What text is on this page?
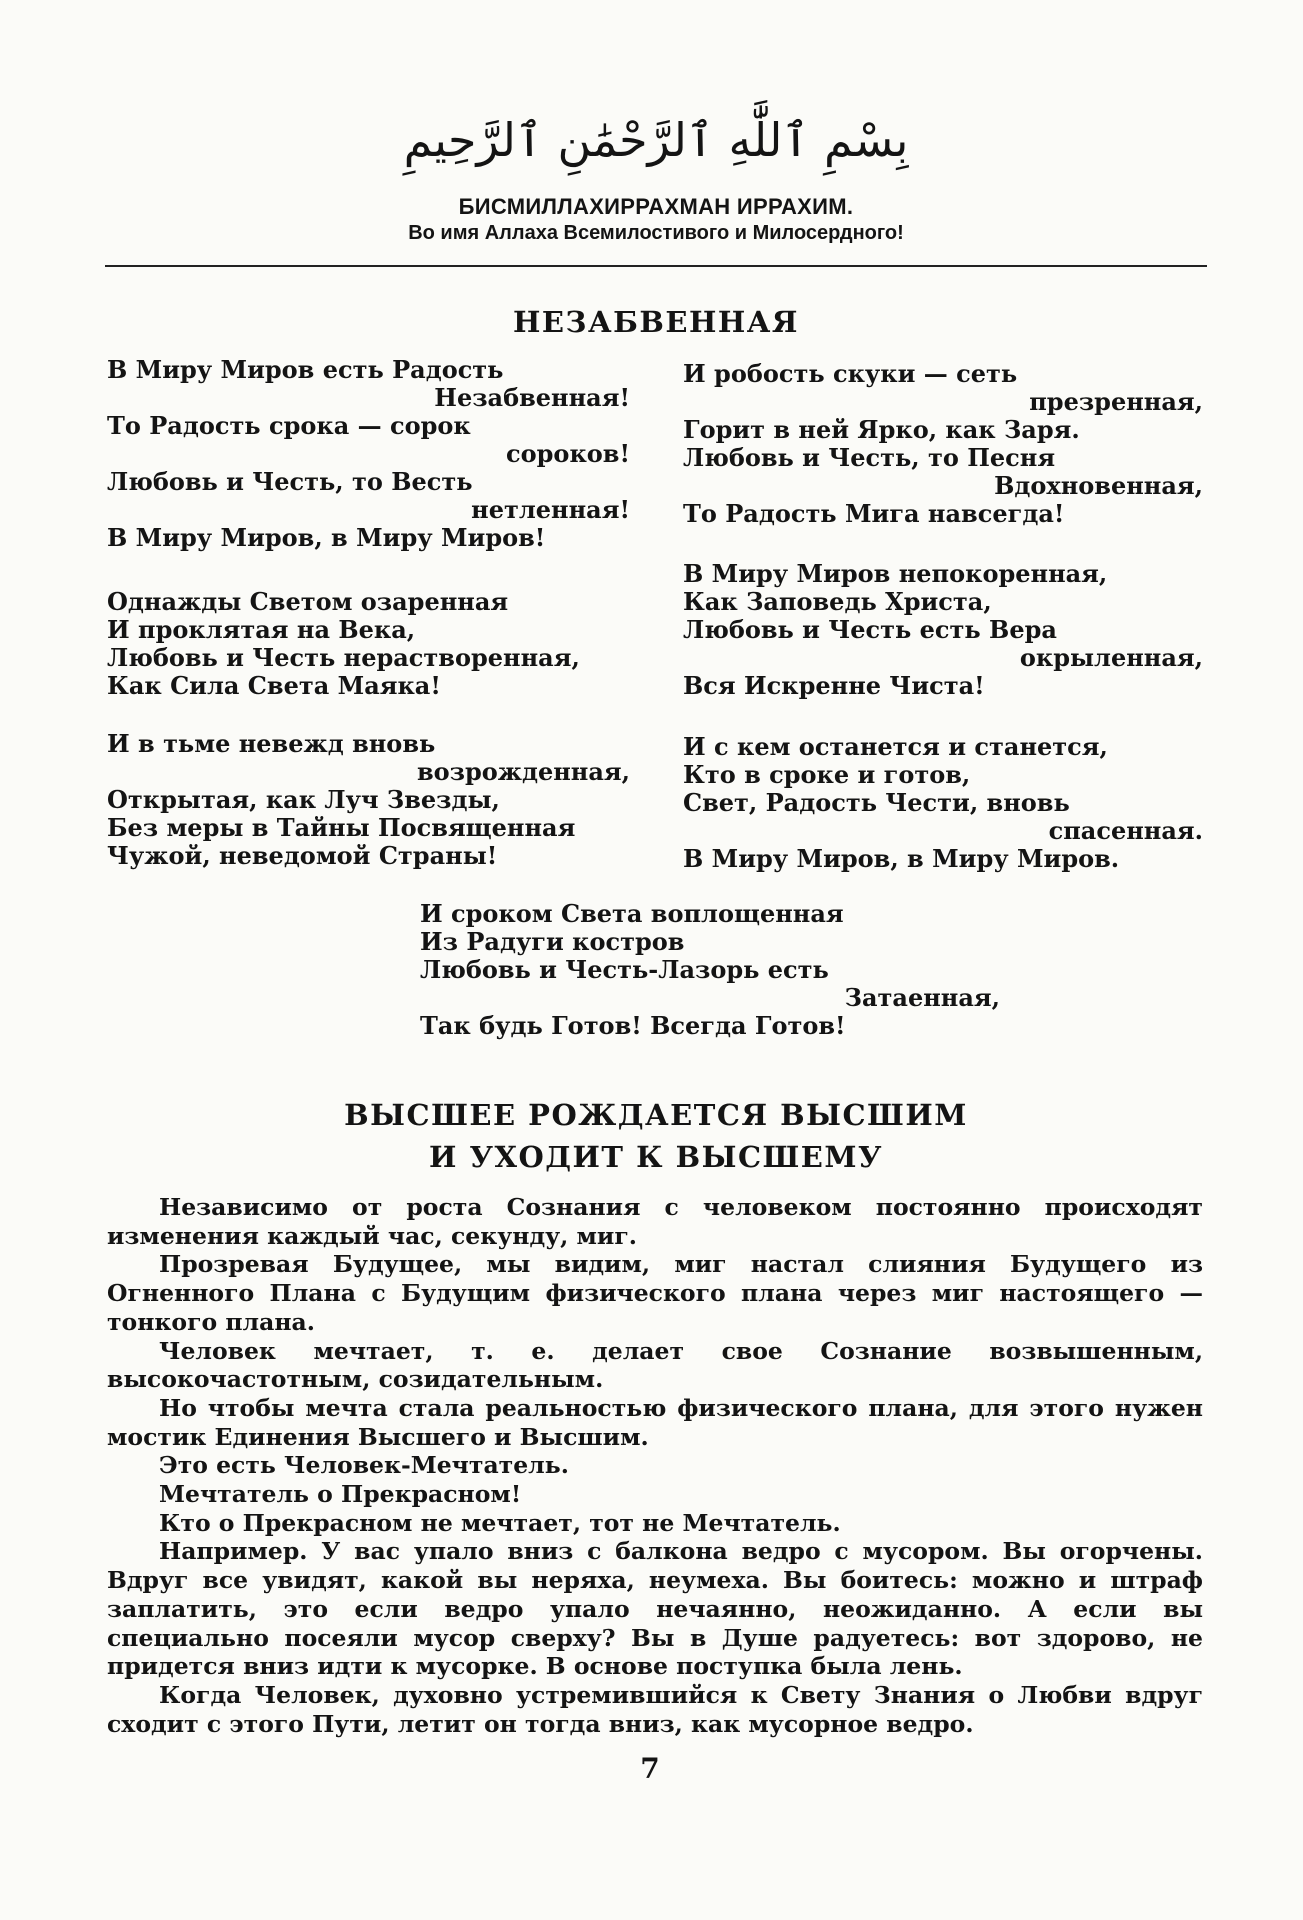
بِسْمِ ٱللَّٰهِ ٱلرَّحْمَٰنِ ٱلرَّحِيمِ
БИСМИЛЛАХИРРАХМАН ИРРАХИМ.
Во имя Аллаха Всемилостивого и Милосердного!
НЕЗАБВЕННАЯ
В Миру Миров есть Радость
Незабвенная!
То Радость срока — сорок
сороков!
Любовь и Честь, то Весть
нетленная!
В Миру Миров, в Миру Миров!
Однажды Светом озаренная
И проклятая на Века,
Любовь и Честь нерастворенная,
Как Сила Света Маяка!
И в тьме невежд вновь
возрожденная,
Открытая, как Луч Звезды,
Без меры в Тайны Посвященная
Чужой, неведомой Страны!
И робость скуки — сеть
презренная,
Горит в ней Ярко, как Заря.
Любовь и Честь, то Песня
Вдохновенная,
То Радость Мига навсегда!
В Миру Миров непокоренная,
Как Заповедь Христа,
Любовь и Честь есть Вера
окрыленная,
Вся Искренне Чиста!
И с кем останется и станется,
Кто в сроке и готов,
Свет, Радость Чести, вновь
спасенная.
В Миру Миров, в Миру Миров.
И сроком Света воплощенная
Из Радуги костров
Любовь и Честь-Лазорь есть
Затаенная,
Так будь Готов! Всегда Готов!
ВЫСШЕЕ РОЖДАЕТСЯ ВЫСШИМ
И УХОДИТ К ВЫСШЕМУ
Независимо от роста Сознания с человеком постоянно происходят изменения каждый час, секунду, миг.
Прозревая Будущее, мы видим, миг настал слияния Будущего из Огненного Плана с Будущим физического плана через миг настоящего — тонкого плана.
Человек мечтает, т. е. делает свое Сознание возвышенным, высокочастотным, созидательным.
Но чтобы мечта стала реальностью физического плана, для этого нужен мостик Единения Высшего и Высшим.
Это есть Человек-Мечтатель.
Мечтатель о Прекрасном!
Кто о Прекрасном не мечтает, тот не Мечтатель.
Например. У вас упало вниз с балкона ведро с мусором. Вы огорчены. Вдруг все увидят, какой вы неряха, неумеха. Вы боитесь: можно и штраф заплатить, это если ведро упало нечаянно, неожиданно. А если вы специально посеяли мусор сверху? Вы в Душе радуетесь: вот здорово, не придется вниз идти к мусорке. В основе поступка была лень.
Когда Человек, духовно устремившийся к Свету Знания о Любви вдруг сходит с этого Пути, летит он тогда вниз, как мусорное ведро.
7
